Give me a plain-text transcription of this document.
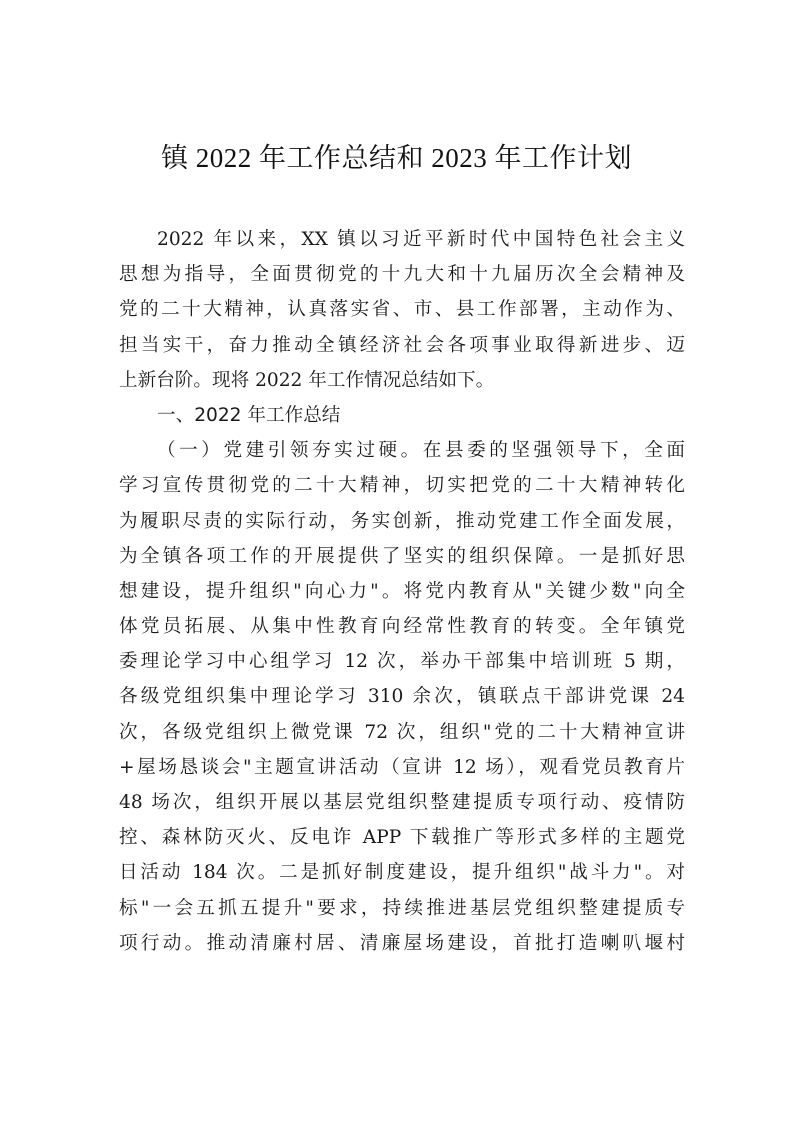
镇 2022 年工作总结和 2023 年工作计划
2022 年以来，XX 镇以习近平新时代中国特色社会主义
思想为指导，全面贯彻党的十九大和十九届历次全会精神及
党的二十大精神，认真落实省、市、县工作部署，主动作为、
担当实干，奋力推动全镇经济社会各项事业取得新进步、迈
上新台阶。现将 2022 年工作情况总结如下。
一、2022 年工作总结
（一）党建引领夯实过硬。在县委的坚强领导下，全面
学习宣传贯彻党的二十大精神，切实把党的二十大精神转化
为履职尽责的实际行动，务实创新，推动党建工作全面发展，
为全镇各项工作的开展提供了坚实的组织保障。一是抓好思
想建设，提升组织"向心力"。将党内教育从"关键少数"向全
体党员拓展、从集中性教育向经常性教育的转变。全年镇党
委理论学习中心组学习 12 次，举办干部集中培训班 5 期，
各级党组织集中理论学习 310 余次，镇联点干部讲党课 24
次，各级党组织上微党课 72 次，组织"党的二十大精神宣讲
+屋场恳谈会"主题宣讲活动（宣讲 12 场），观看党员教育片
48 场次，组织开展以基层党组织整建提质专项行动、疫情防
控、森林防灭火、反电诈 APP 下载推广等形式多样的主题党
日活动 184 次。二是抓好制度建设，提升组织"战斗力"。对
标"一会五抓五提升"要求，持续推进基层党组织整建提质专
项行动。推动清廉村居、清廉屋场建设，首批打造喇叭堰村
